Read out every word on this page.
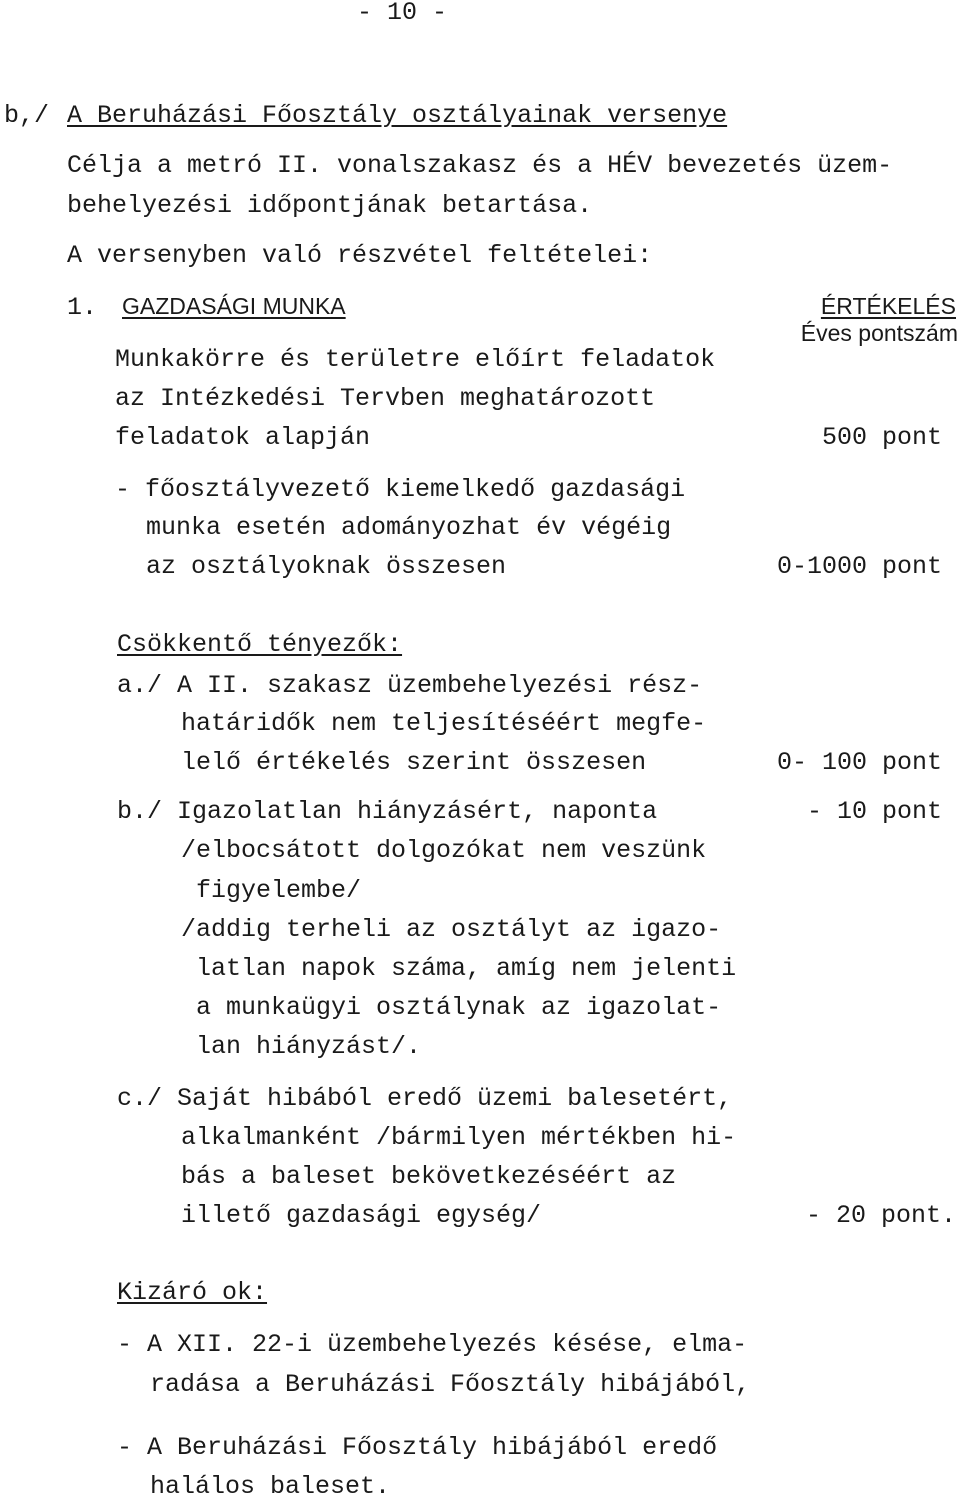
- 10 -
b,/ A Beruházási Főosztály osztályainak versenye
Célja a metró II. vonalszakasz és a HÉV bevezetés üzem-
behelyezési időpontjának betartása.
A versenyben való részvétel feltételei:
1. GAZDASÁGI MUNKA	ÉRTÉKELÉS
Éves pontszám
Munkakörre és területre előírt feladatok
az Intézkedési Tervben meghatározott
feladatok alapján	500 pont
- főosztályvezető kiemelkedő gazdasági
munka esetén adományozhat év végéig
az osztályoknak összesen	0-1000 pont
Csökkentő tényezők:
a./ A II. szakasz üzembehelyezési rész-
határidők nem teljesítéséért megfe-
lelő értékelés szerint összesen	0- 100 pont
b./ Igazolatlan hiányzásért, naponta	- 10 pont
/elbocsátott dolgozókat nem veszünk
figyelembe/
/addig terheli az osztályt az igazo-
latlan napok száma, amíg nem jelenti
a munkaügyi osztálynak az igazolat-
lan hiányzást/.
c./ Saját hibából eredő üzemi balesetért,
alkalmanként /bármilyen mértékben hi-
bás a baleset bekövetkezéséért az
illető gazdasági egység/	- 20 pont.
Kizáró ok:
- A XII. 22-i üzembehelyezés késése, elma-
radása a Beruházási Főosztály hibájából,
- A Beruházási Főosztály hibájából eredő
halálos baleset.
